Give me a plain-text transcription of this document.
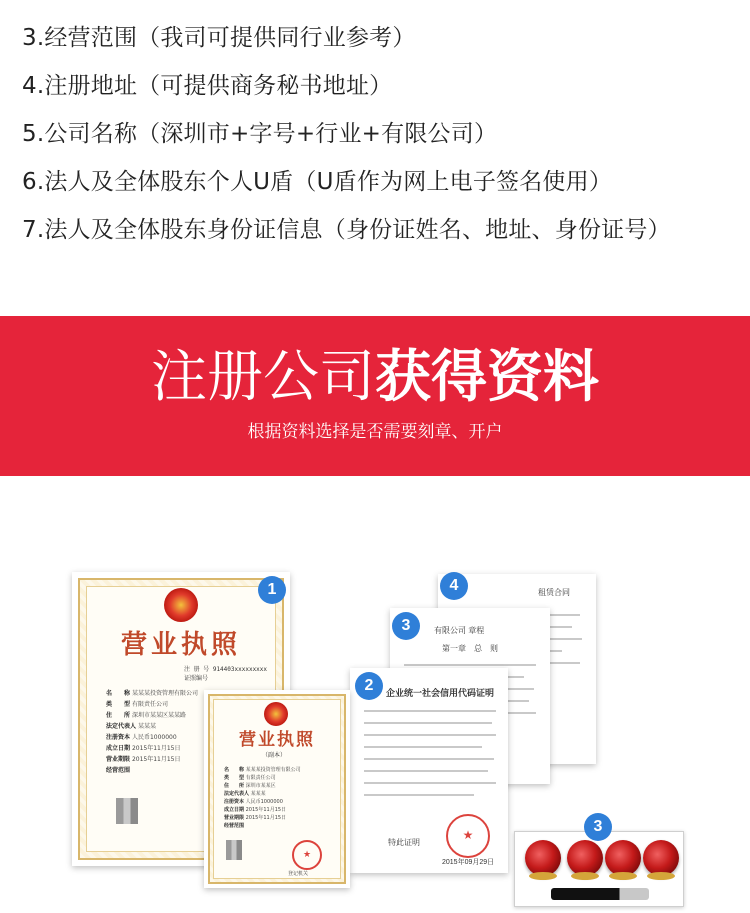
3.经营范围（我司可提供同行业参考）
4.注册地址（可提供商务秘书地址）
5.公司名称（深圳市+字号+行业+有限公司）
6.法人及全体股东个人U盾（U盾作为网上电子签名使用）
7.法人及全体股东身份证信息（身份证姓名、地址、身份证号）
注册公司获得资料
根据资料选择是否需要刻章、开户
租赁合同
4
有限公司 章程
第一章　总　则
3
企业统一社会信用代码证明
特此证明
★
2015年09月29日
2
营业执照
注 册 号 914403xxxxxxxxx
证照编号
名　　称 某某某投资管理有限公司
类　　型 有限责任公司
住　　所 深圳市某某区某某路
法定代表人 某某某
注册资本 人民币1000000
成立日期 2015年11月15日
营业期限 2015年11月15日
经营范围
1
营业执照
（副本）
名　　称 某某某投资管理有限公司
类　　型 有限责任公司
住　　所 深圳市某某区
法定代表人 某某某
注册资本 人民币1000000
成立日期 2015年11月15日
营业期限 2015年11月15日
经营范围
★
登记机关
3
